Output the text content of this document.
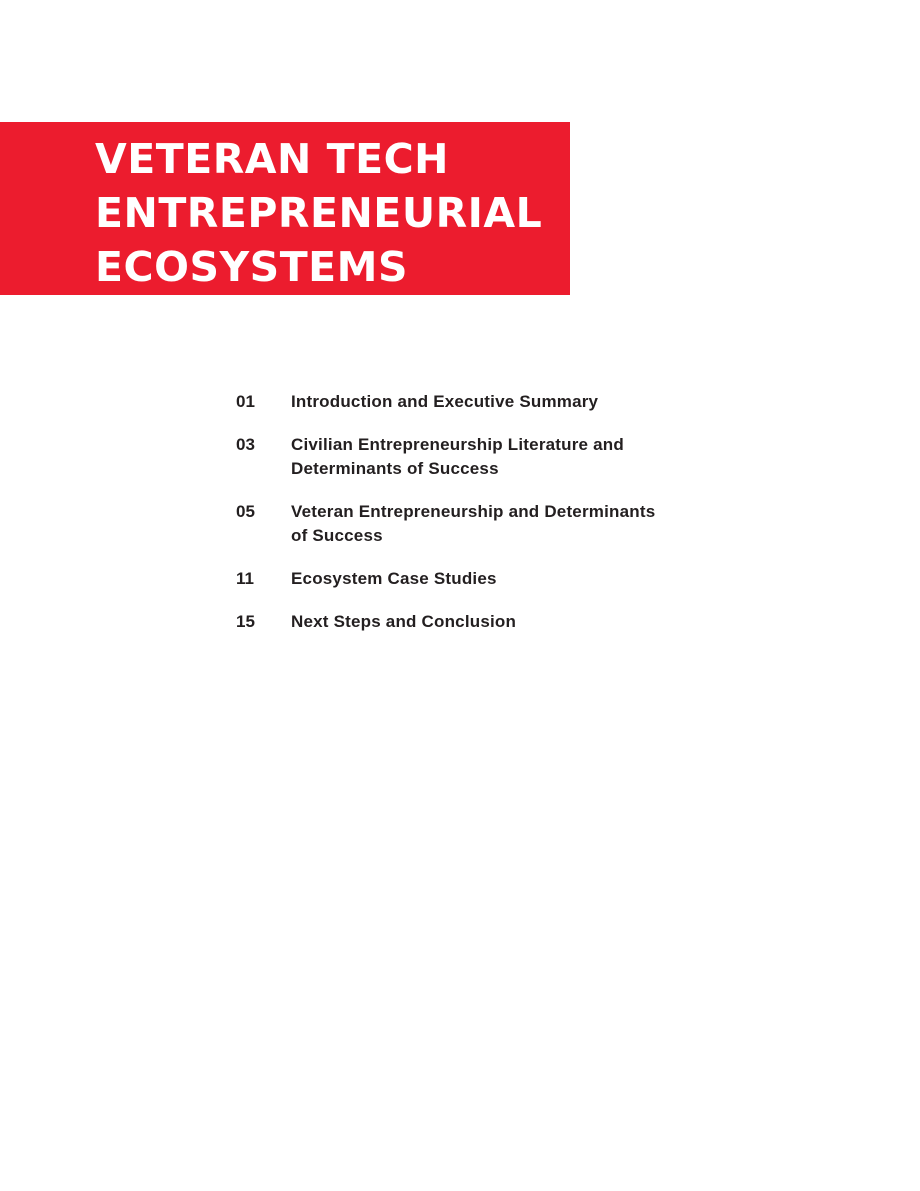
VETERAN TECH
ENTREPRENEURIAL
ECOSYSTEMS
01	Introduction and Executive Summary
03	Civilian Entrepreneurship Literature and
Determinants of Success
05	Veteran Entrepreneurship and Determinants
of Success
11	Ecosystem Case Studies
15	Next Steps and Conclusion
